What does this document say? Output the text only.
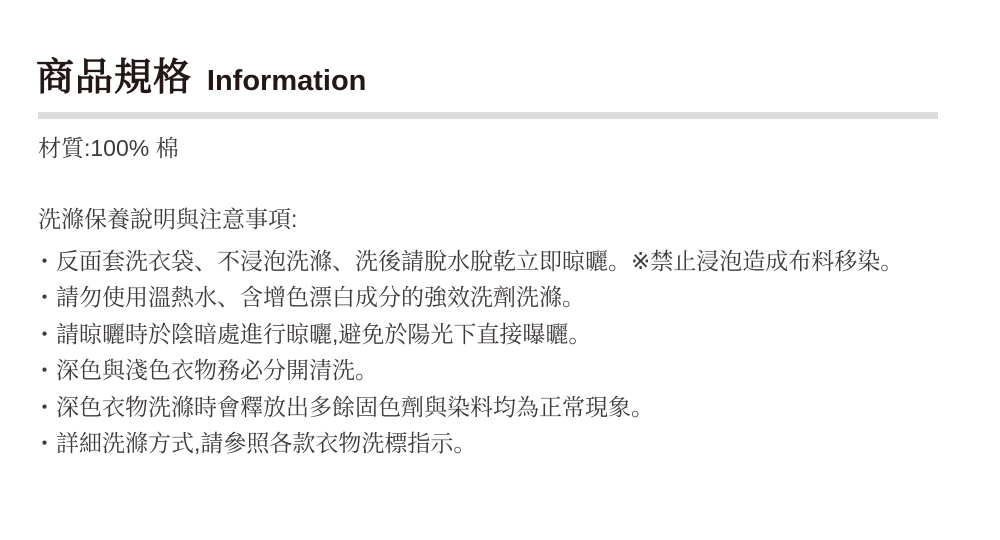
商品規格 Information

材質:100% 棉

洗滌保養說明與注意事項:

・反面套洗衣袋、不浸泡洗滌、洗後請脫水脫乾立即晾曬。※禁止浸泡造成布料移染。
・請勿使用溫熱水、含增色漂白成分的強效洗劑洗滌。
・請晾曬時於陰暗處進行晾曬,避免於陽光下直接曝曬。
・深色與淺色衣物務必分開清洗。
・深色衣物洗滌時會釋放出多餘固色劑與染料均為正常現象。
・詳細洗滌方式,請參照各款衣物洗標指示。
